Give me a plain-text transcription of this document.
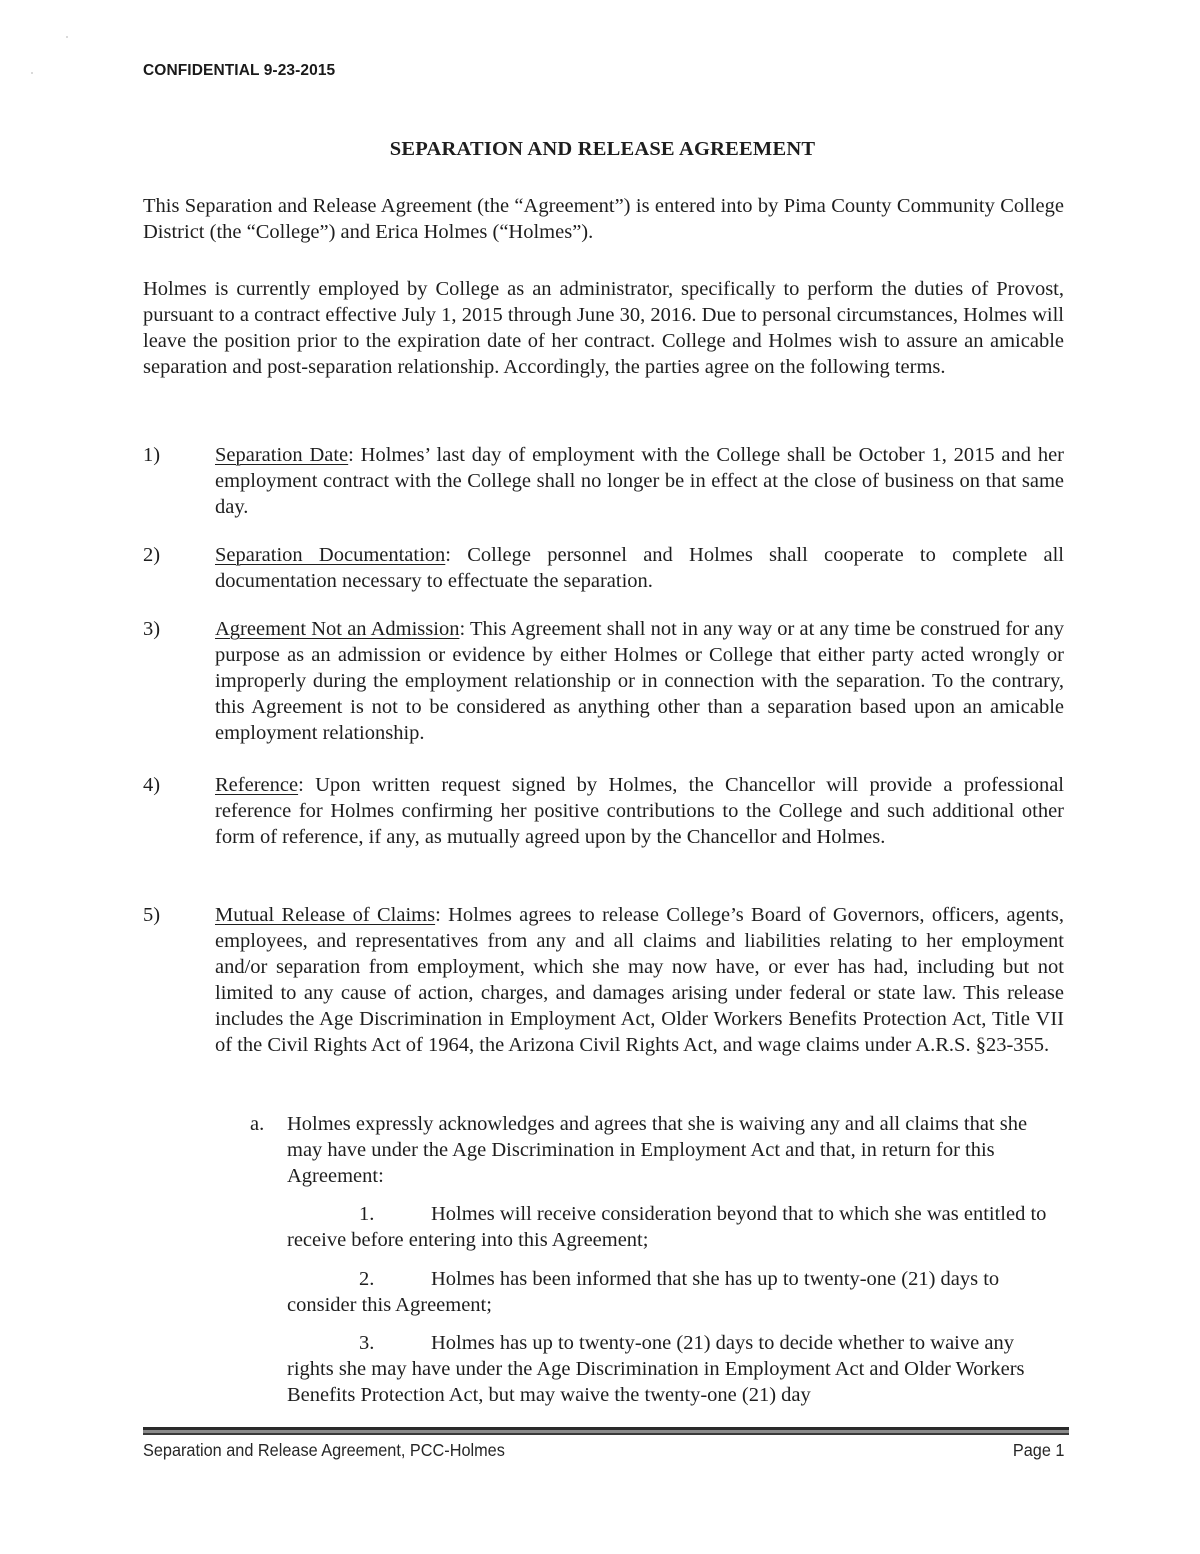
CONFIDENTIAL 9-23-2015
SEPARATION AND RELEASE AGREEMENT
This Separation and Release Agreement (the “Agreement”) is entered into by Pima County Community College District (the “College”) and Erica Holmes (“Holmes”).
Holmes is currently employed by College as an administrator, specifically to perform the duties of Provost, pursuant to a contract effective July 1, 2015 through June 30, 2016. Due to personal circumstances, Holmes will leave the position prior to the expiration date of her contract. College and Holmes wish to assure an amicable separation and post-separation relationship. Accordingly, the parties agree on the following terms.
1)	Separation Date: Holmes’ last day of employment with the College shall be October 1, 2015 and her employment contract with the College shall no longer be in effect at the close of business on that same day.
2)	Separation Documentation: College personnel and Holmes shall cooperate to complete all documentation necessary to effectuate the separation.
3)	Agreement Not an Admission: This Agreement shall not in any way or at any time be construed for any purpose as an admission or evidence by either Holmes or College that either party acted wrongly or improperly during the employment relationship or in connection with the separation. To the contrary, this Agreement is not to be considered as anything other than a separation based upon an amicable employment relationship.
4)	Reference: Upon written request signed by Holmes, the Chancellor will provide a professional reference for Holmes confirming her positive contributions to the College and such additional other form of reference, if any, as mutually agreed upon by the Chancellor and Holmes.
5)	Mutual Release of Claims: Holmes agrees to release College’s Board of Governors, officers, agents, employees, and representatives from any and all claims and liabilities relating to her employment and/or separation from employment, which she may now have, or ever has had, including but not limited to any cause of action, charges, and damages arising under federal or state law. This release includes the Age Discrimination in Employment Act, Older Workers Benefits Protection Act, Title VII of the Civil Rights Act of 1964, the Arizona Civil Rights Act, and wage claims under A.R.S. §23-355.
a. Holmes expressly acknowledges and agrees that she is waiving any and all claims that she may have under the Age Discrimination in Employment Act and that, in return for this Agreement:
1.	Holmes will receive consideration beyond that to which she was entitled to receive before entering into this Agreement;
2.	Holmes has been informed that she has up to twenty-one (21) days to consider this Agreement;
3.	Holmes has up to twenty-one (21) days to decide whether to waive any rights she may have under the Age Discrimination in Employment Act and Older Workers Benefits Protection Act, but may waive the twenty-one (21) day
Separation and Release Agreement, PCC-Holmes	Page 1
